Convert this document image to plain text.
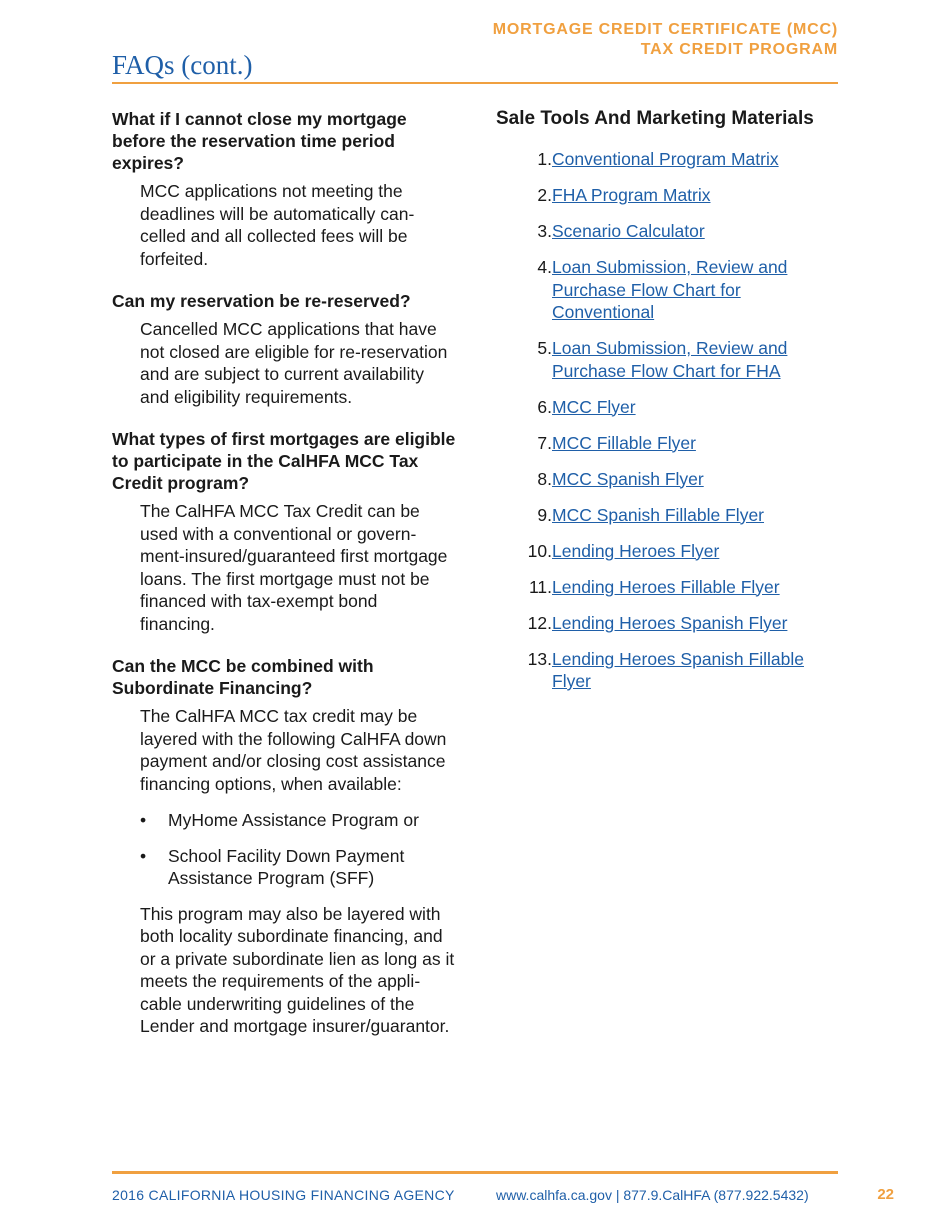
MORTGAGE CREDIT CERTIFICATE (MCC)
TAX CREDIT PROGRAM
FAQs (cont.)

What if I cannot close my mortgage before the reservation time period expires?

MCC applications not meeting the deadlines will be automatically can-celled and all collected fees will be forfeited.

Can my reservation be re-reserved?

Cancelled MCC applications that have not closed are eligible for re-reservation and are subject to current availability and eligibility requirements.

What types of first mortgages are eligible to participate in the CalHFA MCC Tax Credit program?

The CalHFA MCC Tax Credit can be used with a conventional or govern-ment-insured/guaranteed first mortgage loans. The first mortgage must not be financed with tax-exempt bond financing.

Can the MCC be combined with Subordinate Financing?

The CalHFA MCC tax credit may be layered with the following CalHFA down payment and/or closing cost assistance financing options, when available:

• MyHome Assistance Program or
• School Facility Down Payment Assistance Program (SFF)

This program may also be layered with both locality subordinate financing, and or a private subordinate lien as long as it meets the requirements of the appli-cable underwriting guidelines of the Lender and mortgage insurer/guarantor.

Sale Tools And Marketing Materials
1. Conventional Program Matrix
2. FHA Program Matrix
3. Scenario Calculator
4. Loan Submission, Review and Purchase Flow Chart for Conventional
5. Loan Submission, Review and Purchase Flow Chart for FHA
6. MCC Flyer
7. MCC Fillable Flyer
8. MCC Spanish Flyer
9. MCC Spanish Fillable Flyer
10. Lending Heroes Flyer
11. Lending Heroes Fillable Flyer
12. Lending Heroes Spanish Flyer
13. Lending Heroes Spanish Fillable Flyer
2016 CALIFORNIA HOUSING FINANCING AGENCY	www.calhfa.ca.gov | 877.9.CalHFA (877.922.5432)	22
